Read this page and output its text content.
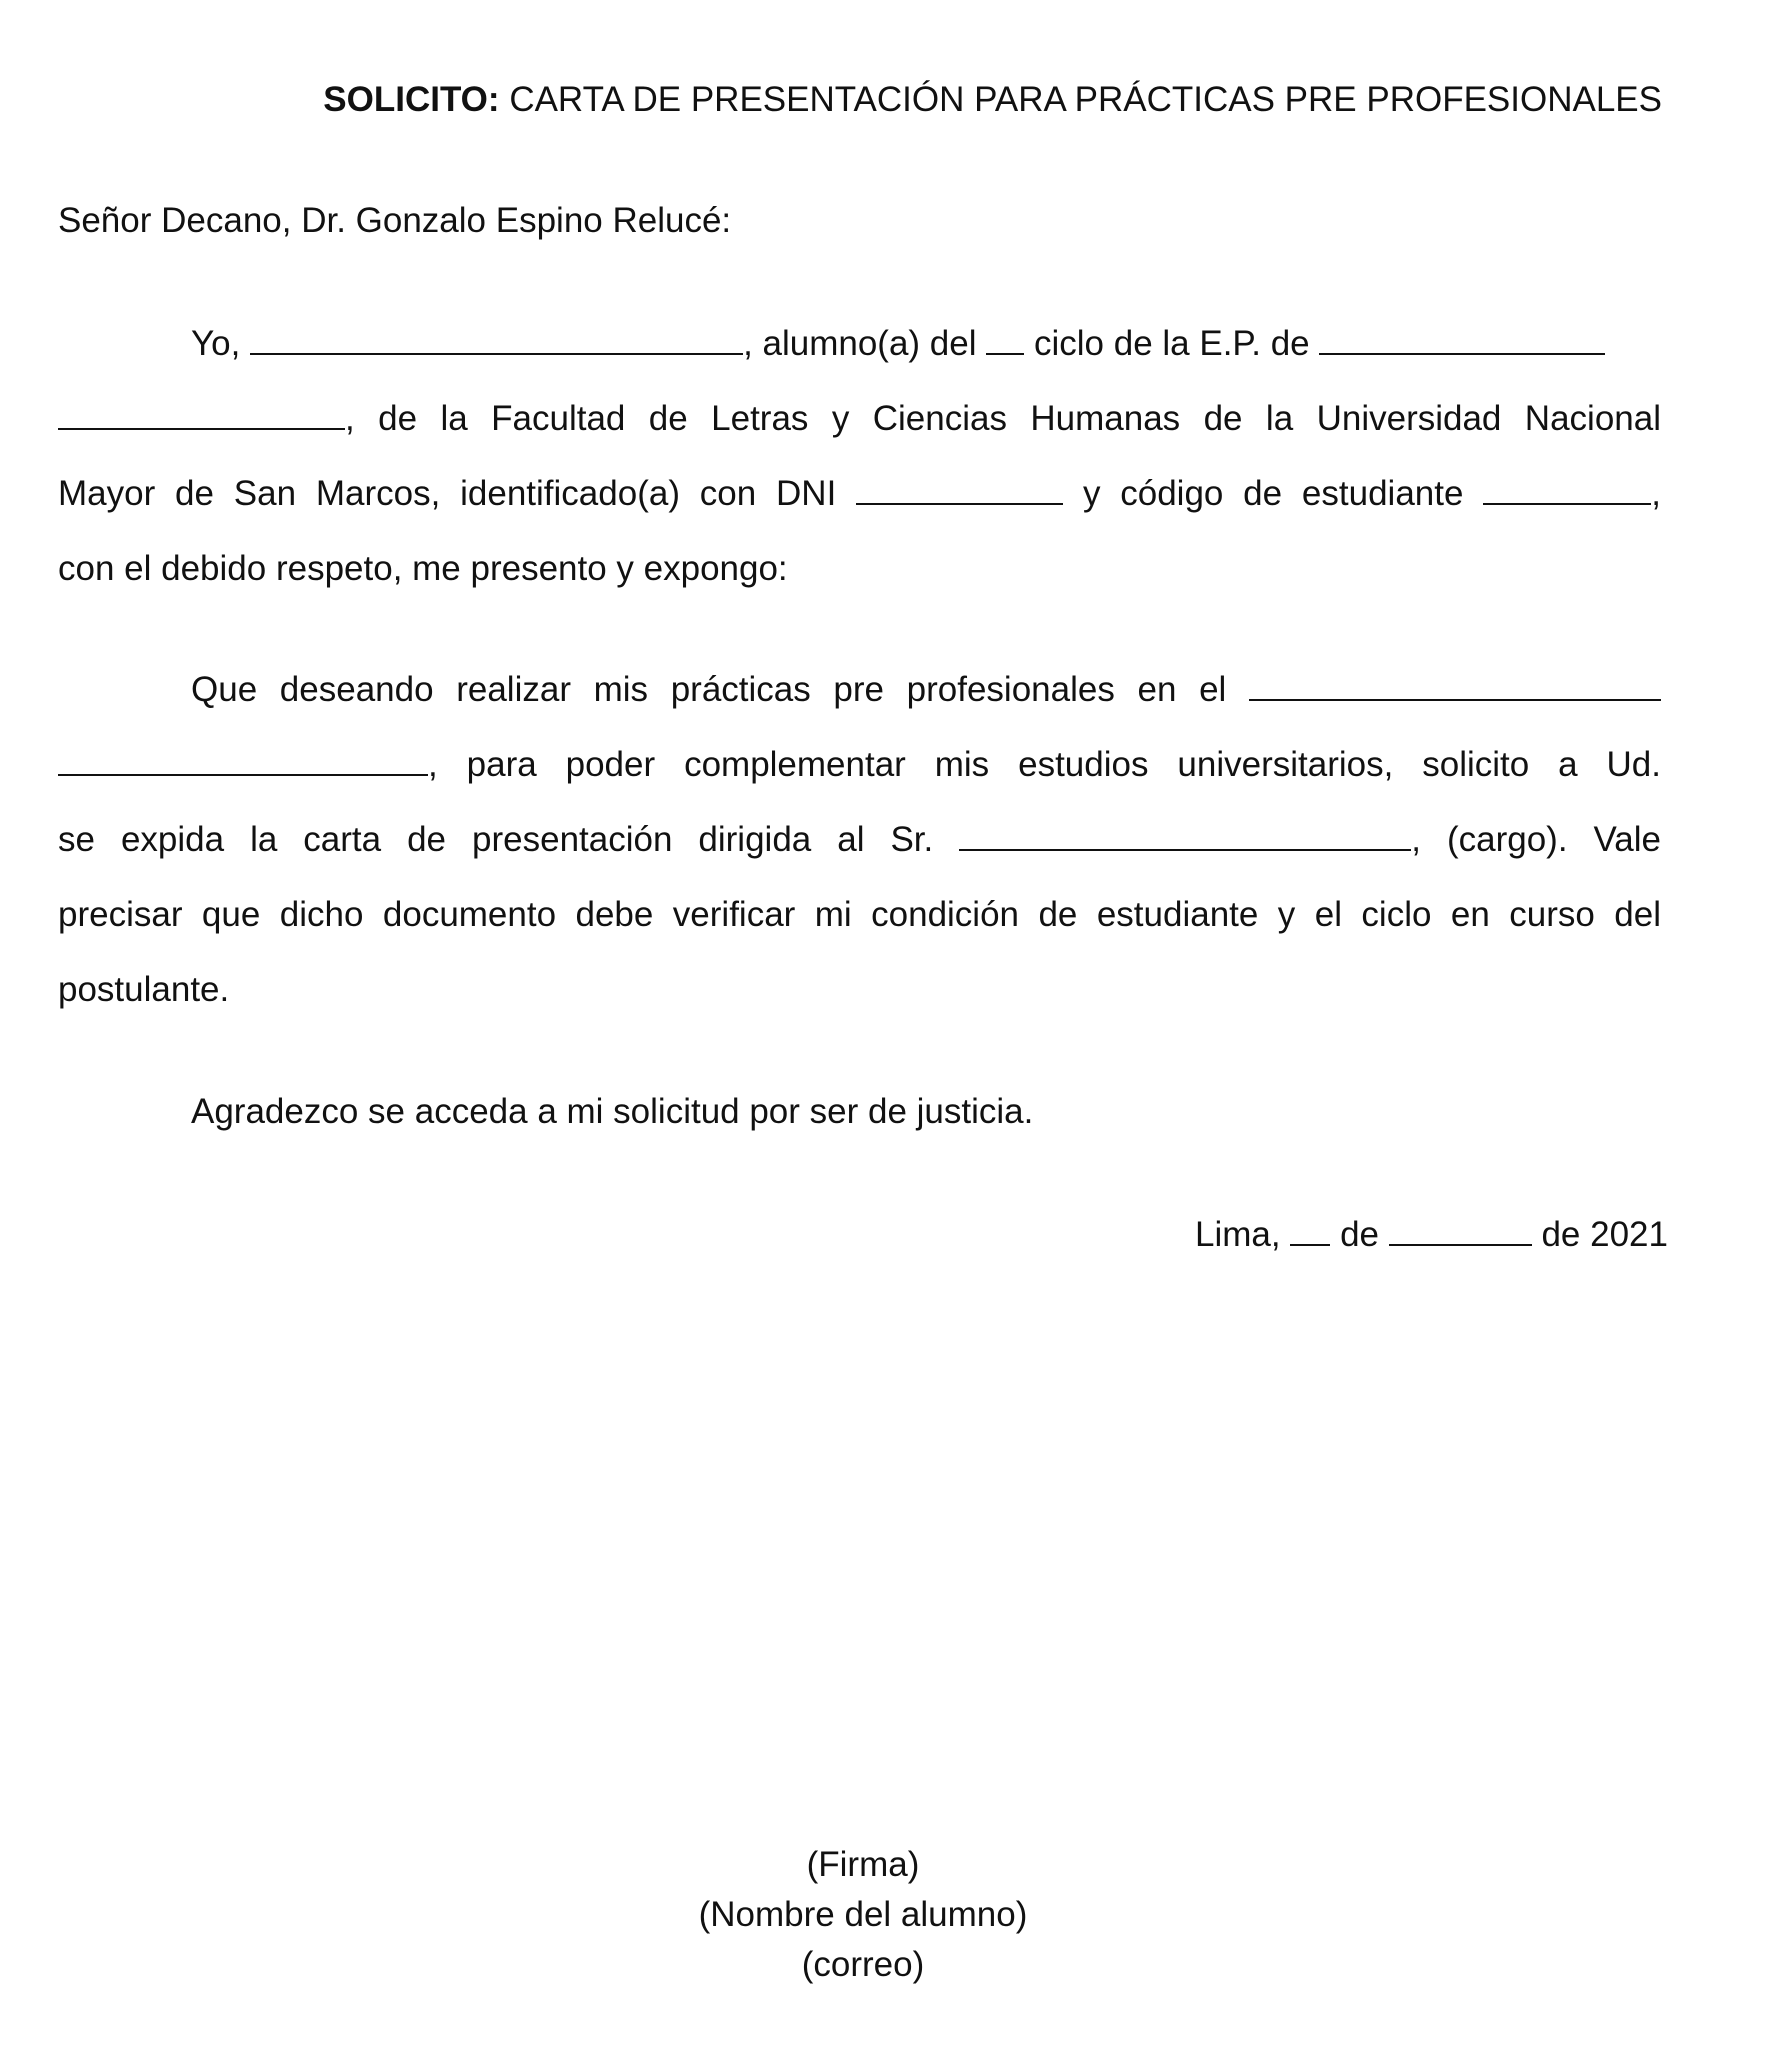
SOLICITO: CARTA DE PRESENTACIÓN PARA PRÁCTICAS PRE PROFESIONALES
Señor Decano, Dr. Gonzalo Espino Relucé:
Yo,	, alumno(a) del ciclo de la E.P. de
, de la Facultad de Letras y Ciencias Humanas de la Universidad Nacional
Mayor de San Marcos, identificado(a) con DNI	y código de estudiante	,
con el debido respeto, me presento y expongo:
Que deseando realizar mis prácticas pre profesionales en el
, para poder complementar mis estudios universitarios, solicito a Ud.
se expida la carta de presentación dirigida al Sr.	, (cargo). Vale
precisar que dicho documento debe verificar mi condición de estudiante y el ciclo en curso del
postulante.
Agradezco se acceda a mi solicitud por ser de justicia.
Lima, de	de 2021
(Firma)
(Nombre del alumno)
(correo)
